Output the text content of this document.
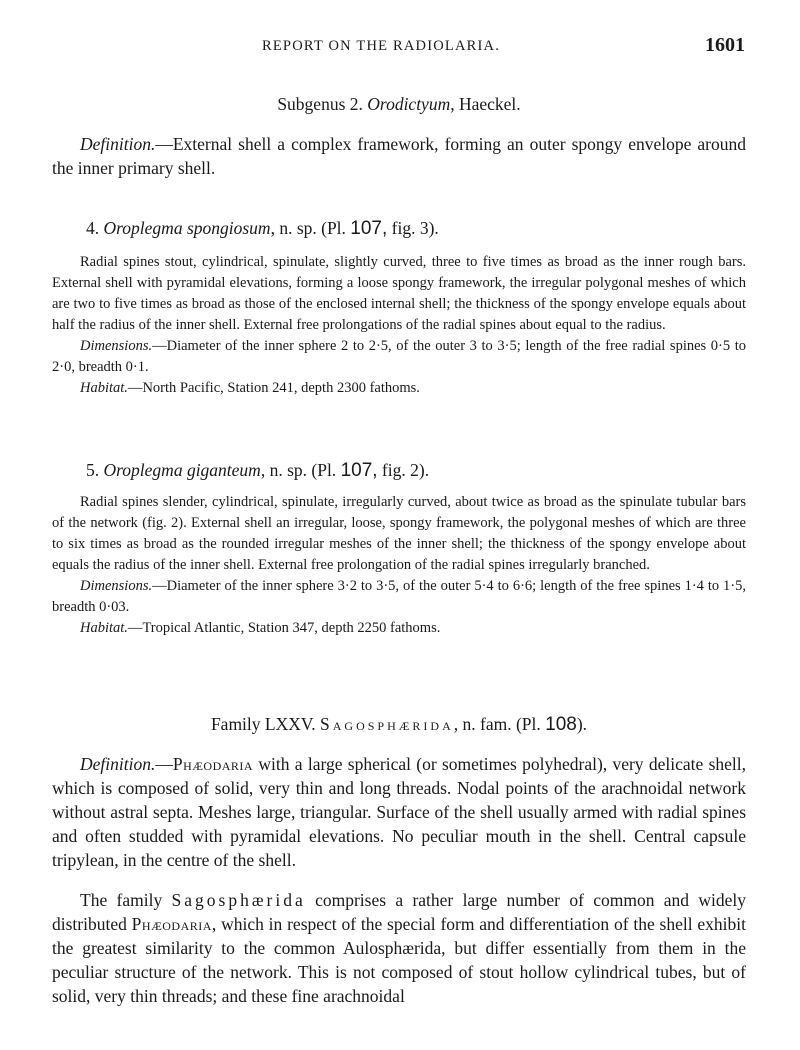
REPORT ON THE RADIOLARIA.	1601
Subgenus 2. Orodictyum, Haeckel.

Definition.—External shell a complex framework, forming an outer spongy envelope around the inner primary shell.

4. Oroplegma spongiosum, n. sp. (Pl. 107, fig. 3).

Radial spines stout, cylindrical, spinulate, slightly curved, three to five times as broad as the inner rough bars. External shell with pyramidal elevations, forming a loose spongy framework, the irregular polygonal meshes of which are two to five times as broad as those of the enclosed internal shell; the thickness of the spongy envelope equals about half the radius of the inner shell. External free prolongations of the radial spines about equal to the radius.

Dimensions.—Diameter of the inner sphere 2 to 2·5, of the outer 3 to 3·5; length of the free radial spines 0·5 to 2·0, breadth 0·1.

Habitat.—North Pacific, Station 241, depth 2300 fathoms.

5. Oroplegma giganteum, n. sp. (Pl. 107, fig. 2).

Radial spines slender, cylindrical, spinulate, irregularly curved, about twice as broad as the spinulate tubular bars of the network (fig. 2). External shell an irregular, loose, spongy framework, the polygonal meshes of which are three to six times as broad as the rounded irregular meshes of the inner shell; the thickness of the spongy envelope about equals the radius of the inner shell. External free prolongation of the radial spines irregularly branched.

Dimensions.—Diameter of the inner sphere 3·2 to 3·5, of the outer 5·4 to 6·6; length of the free spines 1·4 to 1·5, breadth 0·03.

Habitat.—Tropical Atlantic, Station 347, depth 2250 fathoms.

Family LXXV. Sagosphærida, n. fam. (Pl. 108).

Definition.—Phæodaria with a large spherical (or sometimes polyhedral), very delicate shell, which is composed of solid, very thin and long threads. Nodal points of the arachnoidal network without astral septa. Meshes large, triangular. Surface of the shell usually armed with radial spines and often studded with pyramidal elevations. No peculiar mouth in the shell. Central capsule tripylean, in the centre of the shell.

The family Sagosphærida comprises a rather large number of common and widely distributed Phæodaria, which in respect of the special form and differentiation of the shell exhibit the greatest similarity to the common Aulosphærida, but differ essentially from them in the peculiar structure of the network. This is not composed of stout hollow cylindrical tubes, but of solid, very thin threads; and these fine arachnoidal
